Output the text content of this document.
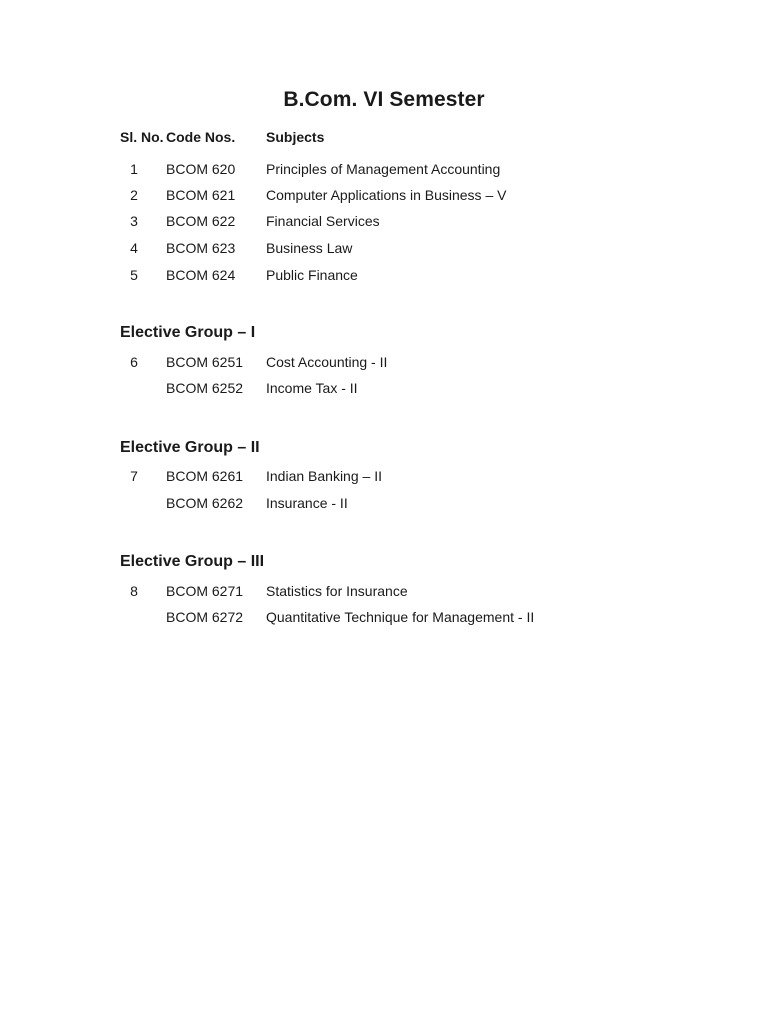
B.Com. VI Semester
Sl. No. Code Nos. Subjects
1	BCOM 620 Principles of Management Accounting
2	BCOM 621 Computer Applications in Business – V
3	BCOM 622 Financial Services
4	BCOM 623 Business Law
5	BCOM 624 Public Finance
Elective Group – I
6	BCOM 6251 Cost Accounting - II
BCOM 6252 Income Tax - II
Elective Group – II
7	BCOM 6261 Indian Banking – II
BCOM 6262 Insurance - II
Elective Group – III
8	BCOM 6271 Statistics for Insurance
BCOM 6272 Quantitative Technique for Management - II
